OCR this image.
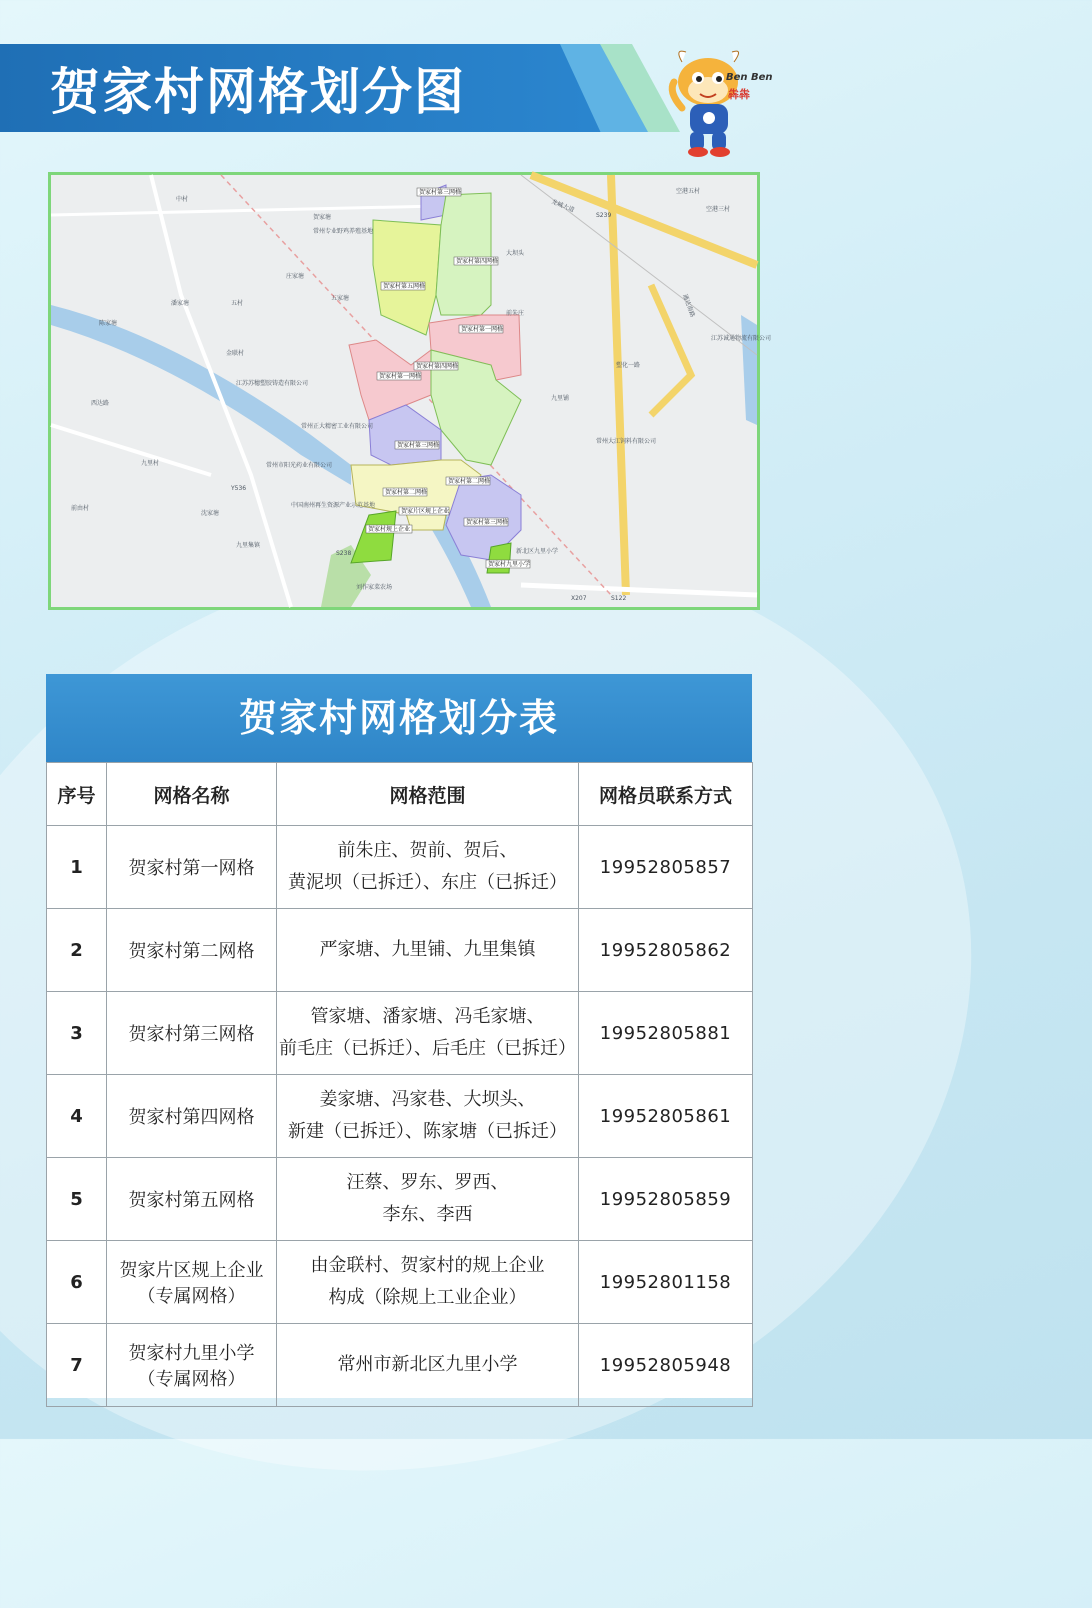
贺家村网格划分图	Ben Ben
犇犇
贺家村第三网格
贺家村第四网格
贺家村第五网格
贺家村第一网格
贺家村第四网格
贺家村第一网格
贺家村第三网格
贺家村第二网格
贺家村第二网格
贺家片区规上企业
贺家村规上企业
贺家村第三网格
贺家村九里小学
中村	龙城大道
贺家塘
常州专业野鸡养殖基地
庄家塘
五村
五家塘
潘家塘
陈家塘
大坝头
前朱庄
金联村
江苏苏穗塑胶铸造有限公司
常州正大精密工业有限公司
常州市阳光药业有限公司
中国南州再生资源产业示范基地
九里集镇
刘作家菜农场
西达路
九里村
前由村
沈家塘
九里铺
常州大江饲料有限公司
江苏诚通物流有限公司
S239
S238
X207	S122
Y536
空港五村
空港三村
通达南路
塑化一路
新北区九里小学
贺家村网格划分表
序号	网格名称	网格范围	网格员联系方式
1	贺家村第一网格	前朱庄、贺前、贺后、
黄泥坝（已拆迁）、东庄（已拆迁）	19952805857
2	贺家村第二网格	严家塘、九里铺、九里集镇	19952805862
3	贺家村第三网格	管家塘、潘家塘、冯毛家塘、
前毛庄（已拆迁）、后毛庄（已拆迁）	19952805881
4	贺家村第四网格	姜家塘、冯家巷、大坝头、
新建（已拆迁）、陈家塘（已拆迁）	19952805861
5	贺家村第五网格	汪蔡、罗东、罗西、
李东、李西	19952805859
6	贺家片区规上企业
（专属网格）	由金联村、贺家村的规上企业
构成（除规上工业企业）	19952801158
7	贺家村九里小学
（专属网格）	常州市新北区九里小学	19952805948
